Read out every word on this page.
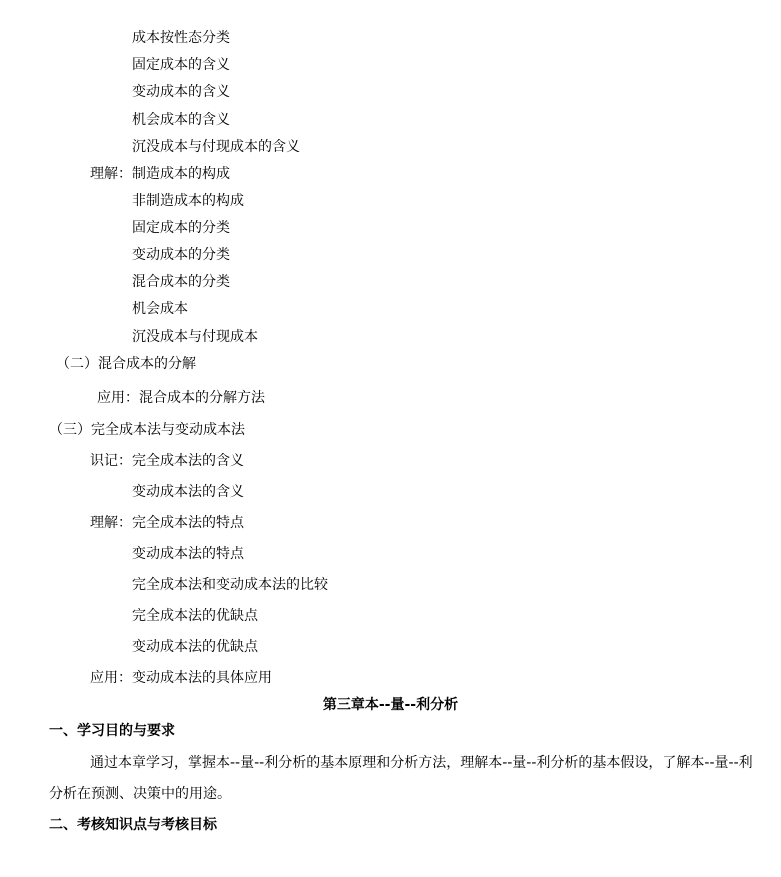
成本按性态分类
固定成本的含义
变动成本的含义
机会成本的含义
沉没成本与付现成本的含义
理解：制造成本的构成
非制造成本的构成
固定成本的分类
变动成本的分类
混合成本的分类
机会成本
沉没成本与付现成本
（二）混合成本的分解
应用：混合成本的分解方法
（三）完全成本法与变动成本法
识记：完全成本法的含义
变动成本法的含义
理解：完全成本法的特点
变动成本法的特点
完全成本法和变动成本法的比较
完全成本法的优缺点
变动成本法的优缺点
应用：变动成本法的具体应用
第三章本--量--利分析
一、学习目的与要求
通过本章学习，掌握本--量--利分析的基本原理和分析方法，理解本--量--利分析的基本假设，了解本--量--利
分析在预测、决策中的用途。
二、考核知识点与考核目标
